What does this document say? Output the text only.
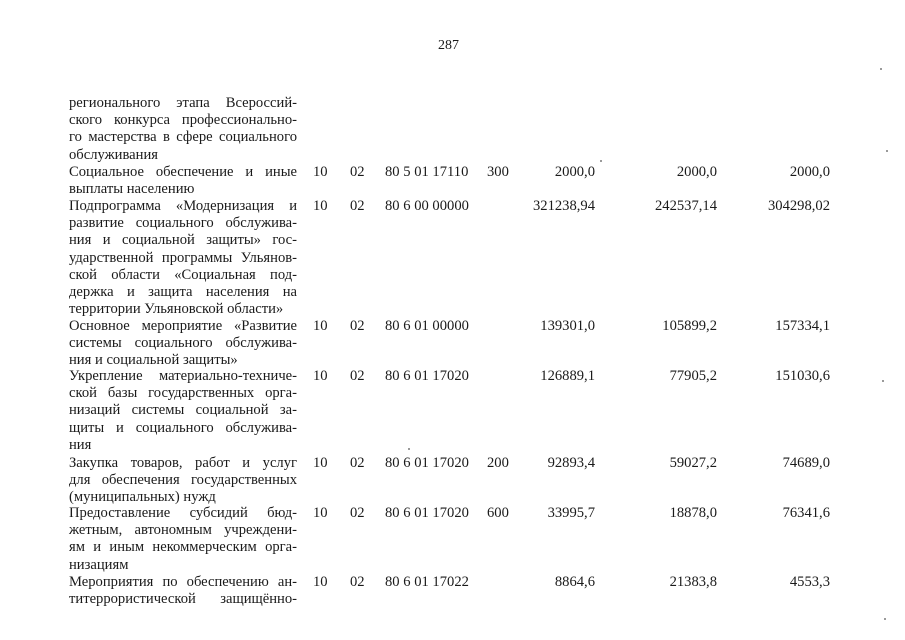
287
регионального этапа Всероссий-
ского конкурса профессионально-
го мастерства в сфере социального
обслуживания
Социальное обеспечение и иные
выплаты населению
10 02 80 5 01 17110 300	2000,0	2000,0	2000,0
Подпрограмма «Модернизация и
развитие социального обслужива-
ния и социальной защиты» гос-
ударственной программы Ульянов-
ской области «Социальная под-
держка и защита населения на
территории Ульяновской области»
10 02 80 6 00 00000	321238,94	242537,14	304298,02
Основное мероприятие «Развитие
системы социального обслужива-
ния и социальной защиты»
10 02 80 6 01 00000	139301,0	105899,2	157334,1
Укрепление материально-техниче-
ской базы государственных орга-
низаций системы социальной за-
щиты и социального обслужива-
ния
10 02 80 6 01 17020	126889,1	77905,2	151030,6
Закупка товаров, работ и услуг
для обеспечения государственных
(муниципальных) нужд
10 02 80 6 01 17020 200	92893,4	59027,2	74689,0
Предоставление субсидий бюд-
жетным, автономным учреждени-
ям и иным некоммерческим орга-
низациям
10 02 80 6 01 17020 600	33995,7	18878,0	76341,6
Мероприятия по обеспечению ан-
титеррористической защищённо-
10 02 80 6 01 17022	8864,6	21383,8	4553,3
